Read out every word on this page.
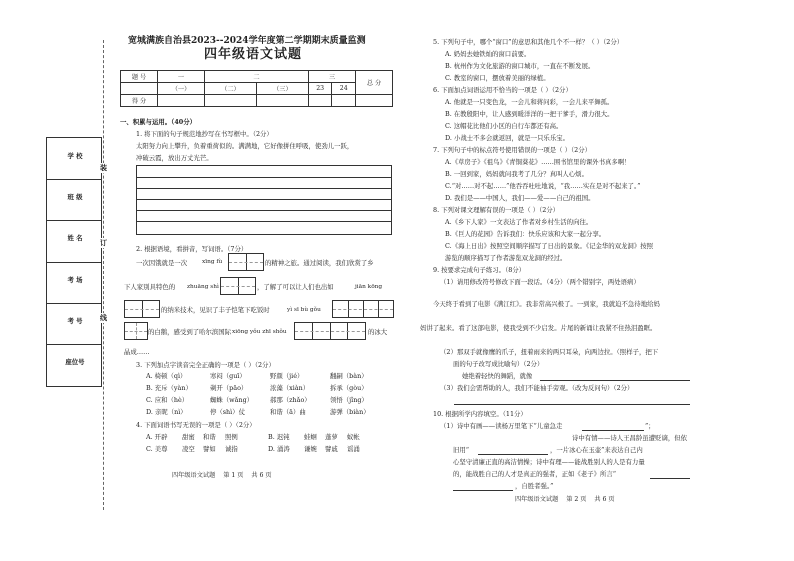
学 校
班 级
姓 名
考 场
考 号
座位号
装
订
线
宽城满族自治县2023--2024学年度第二学期期末质量监测
四年级语文试题
题 号	一	二		三		总 分
	（一）	（二）	（三）	23	24	
得 分						
一、积累与运用。（40分）
1. 将下面的句子规范地抄写在书写框中。（2分）
太阳努力向上攀升，负着重荷似的。满满地，它好像拼住呼吸，使劲儿一跃，
冲破云霞，放出万丈光芒。
2. 根据语境，看拼音，写词语。（7分）
一次因饿就是一次	xīng fù	的精神之旅。通过阅读，我们欣赏了乡
下人家別具特色的 zhuāng shì	，了解了可以让人们也出如	jiān kōng
的纳米技术，见识了丰子恺笔下吃饭时	yì sī bù gǒu
的白鹅，感受到了哈尔滨国际 xiōng yǒu zhī shǒu	的冰大
晶成……
3. 下列加点字读音完全正确的一项是（ ）（2分）
A. 椅顿（qì）	寒闷（guī）	野颜（jié）	翻嗣（bàn）
B. 充斥（yàn）	剃开（pāo）	浓藻（xiàn）	拆承（gòu）
C. 应和（hè）	蜘蛛（wǎng）	郝那（zhǎo）	领悟（jǐng）
D. 亲昵（nì）	停（shì）仗	和谐（ā）曲	游弾（biàn）
4. 下面词语书写无误的一项是（ ）（2分）
A. 开辟 甜蜜 和谐 照例	B. 迟钝 蛙蛔 蓬萝 蚁帐
C. 美尊 凌空 譬如 诚指	D. 涌涛 谦婉 譬戚 谣涌
四年级语文试题 第 1 页 共 6 页
5. 下列句子中，哪个“窗口”的意思和其他几个不一样？（ ）（2分）
A. 奶妈去她铁灿的窗口前要。
B. 杭州作为文化旅游的窗口城市，一直在不断发展。
C. 教室的窗口，摆放着美丽的绿植。
6. 下面加点词语运用不恰当的一项是（ ）（2分）
A. 他就是一只变色龙，一会儿和蒋问彩，一会儿来平舞孤。
B. 在教殷阳中，让人感到暖洋洋的一把干爹手，滑力很大。
C. 这帽花比他们小区的自行车都还有高。
D. 小战士不多会就返回，就是一只乐乐宝。
7. 下列句子中的标点符号使用错误的一项是（ ）（2分）
A.《草房子》《祖鸟》《青铜葵花》……围书馆里的课外书真多啊！
B. 一回到家，妈妈就问我考了几分？真叫人心烦。
C.“对……对不起……”他吞吞吐吐地说，“我……实在是对不起来了。”
D. 我们是——中国人，我们——爱——自己的祖国。
8. 下列对课文理解有误的一项是（ ）（2分）
A.《乡下人家》一文表达了作者对乡村生活的向往。
B.《巨人的花园》告诉我们：快乐应该和大家一起分享。
C.《海上日出》按照空间顺序描写了日出的景象。《记金华的双龙洞》按照
游览的顺序描写了作者游览双龙洞的经过。
9. 按要求完成句子练习。（8分）
（1）请用修改符号修改下面一段话。（4分）（两个错别字，两处语病）
今天终于看到了电影《满江红》。我非常高兴极了。一到家，我就迫不急待地给妈
妈讲了起来。看了这部电影，使我受到不少启发。片尾的新诵让我紧不住热泪盈眶。
（2）那双手就像鹰的爪子，扭着雨来的两只耳朵，向两边拉。（照样子，把下
面的句子改写成比喻句）（2分）
她绝着轻快的舞蹈，就像
（3）我们会需帮助的人，我们不能袖手旁观。（改为反问句）（2分）
10. 根据所学内容填空。（11分）
（1）诗中有画——读杨万里笔下“儿童急走	”；
诗中有情——诗人王昌龄虽遭贬谪，但依
旧用“	，一片冰心在玉壶”来表达自己内
心坚守清廉正直的高洁情操；诗中有理——能战胜别人的人是有力量
的，能战胜自己的人才是真正的强者，正如《老子》所言“
，自胜者强。”
四年级语文试题 第 2 页 共 6 页
